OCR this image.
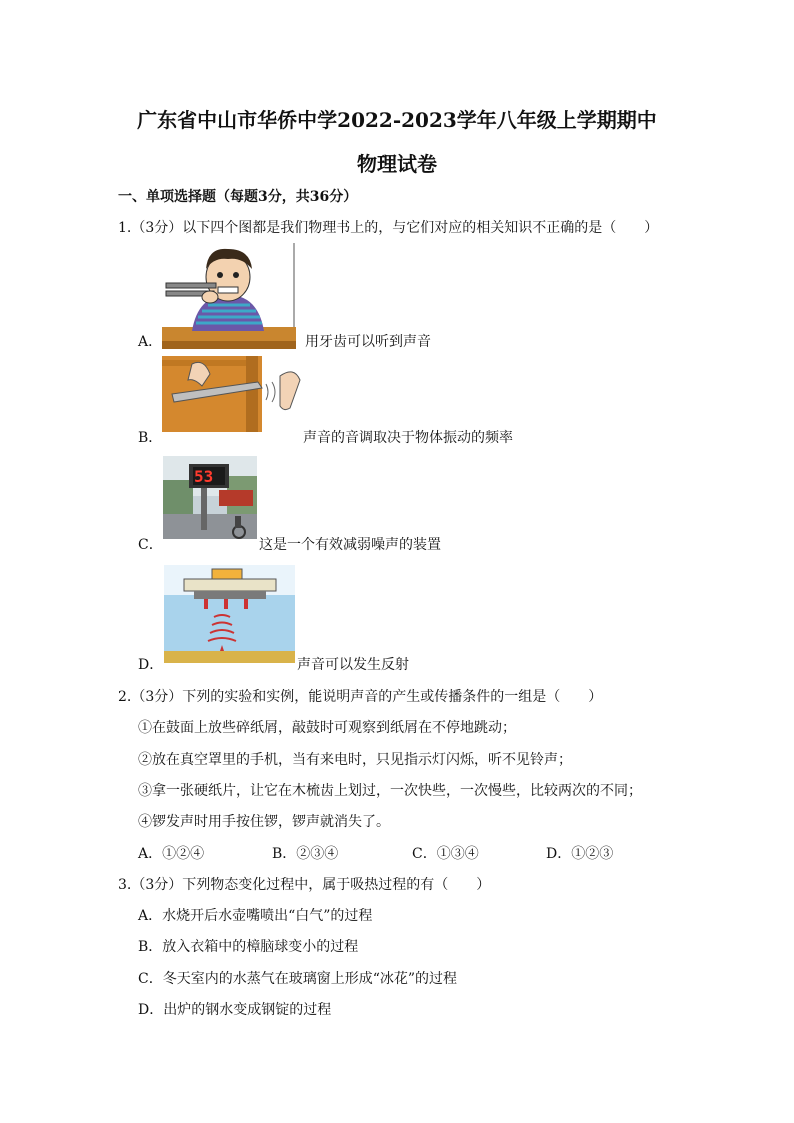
广东省中山市华侨中学2022-2023学年八年级上学期期中
物理试卷
一、单项选择题（每题3分，共36分）
1.（3分）以下四个图都是我们物理书上的，与它们对应的相关知识不正确的是（　　）
A．	用牙齿可以听到声音
B．	声音的音调取决于物体振动的频率
53
C．	这是一个有效减弱噪声的装置
D．	声音可以发生反射
2.（3分）下列的实验和实例，能说明声音的产生或传播条件的一组是（　　）
①在鼓面上放些碎纸屑，敲鼓时可观察到纸屑在不停地跳动；
②放在真空罩里的手机，当有来电时，只见指示灯闪烁，听不见铃声；
③拿一张硬纸片，让它在木梳齿上划过，一次快些，一次慢些，比较两次的不同；
④锣发声时用手按住锣，锣声就消失了。
A．①②④	B．②③④	C．①③④	D．①②③
3.（3分）下列物态变化过程中，属于吸热过程的有（　　）
A．水烧开后水壶嘴喷出“白气”的过程
B．放入衣箱中的樟脑球变小的过程
C．冬天室内的水蒸气在玻璃窗上形成“冰花”的过程
D．出炉的钢水变成钢锭的过程
